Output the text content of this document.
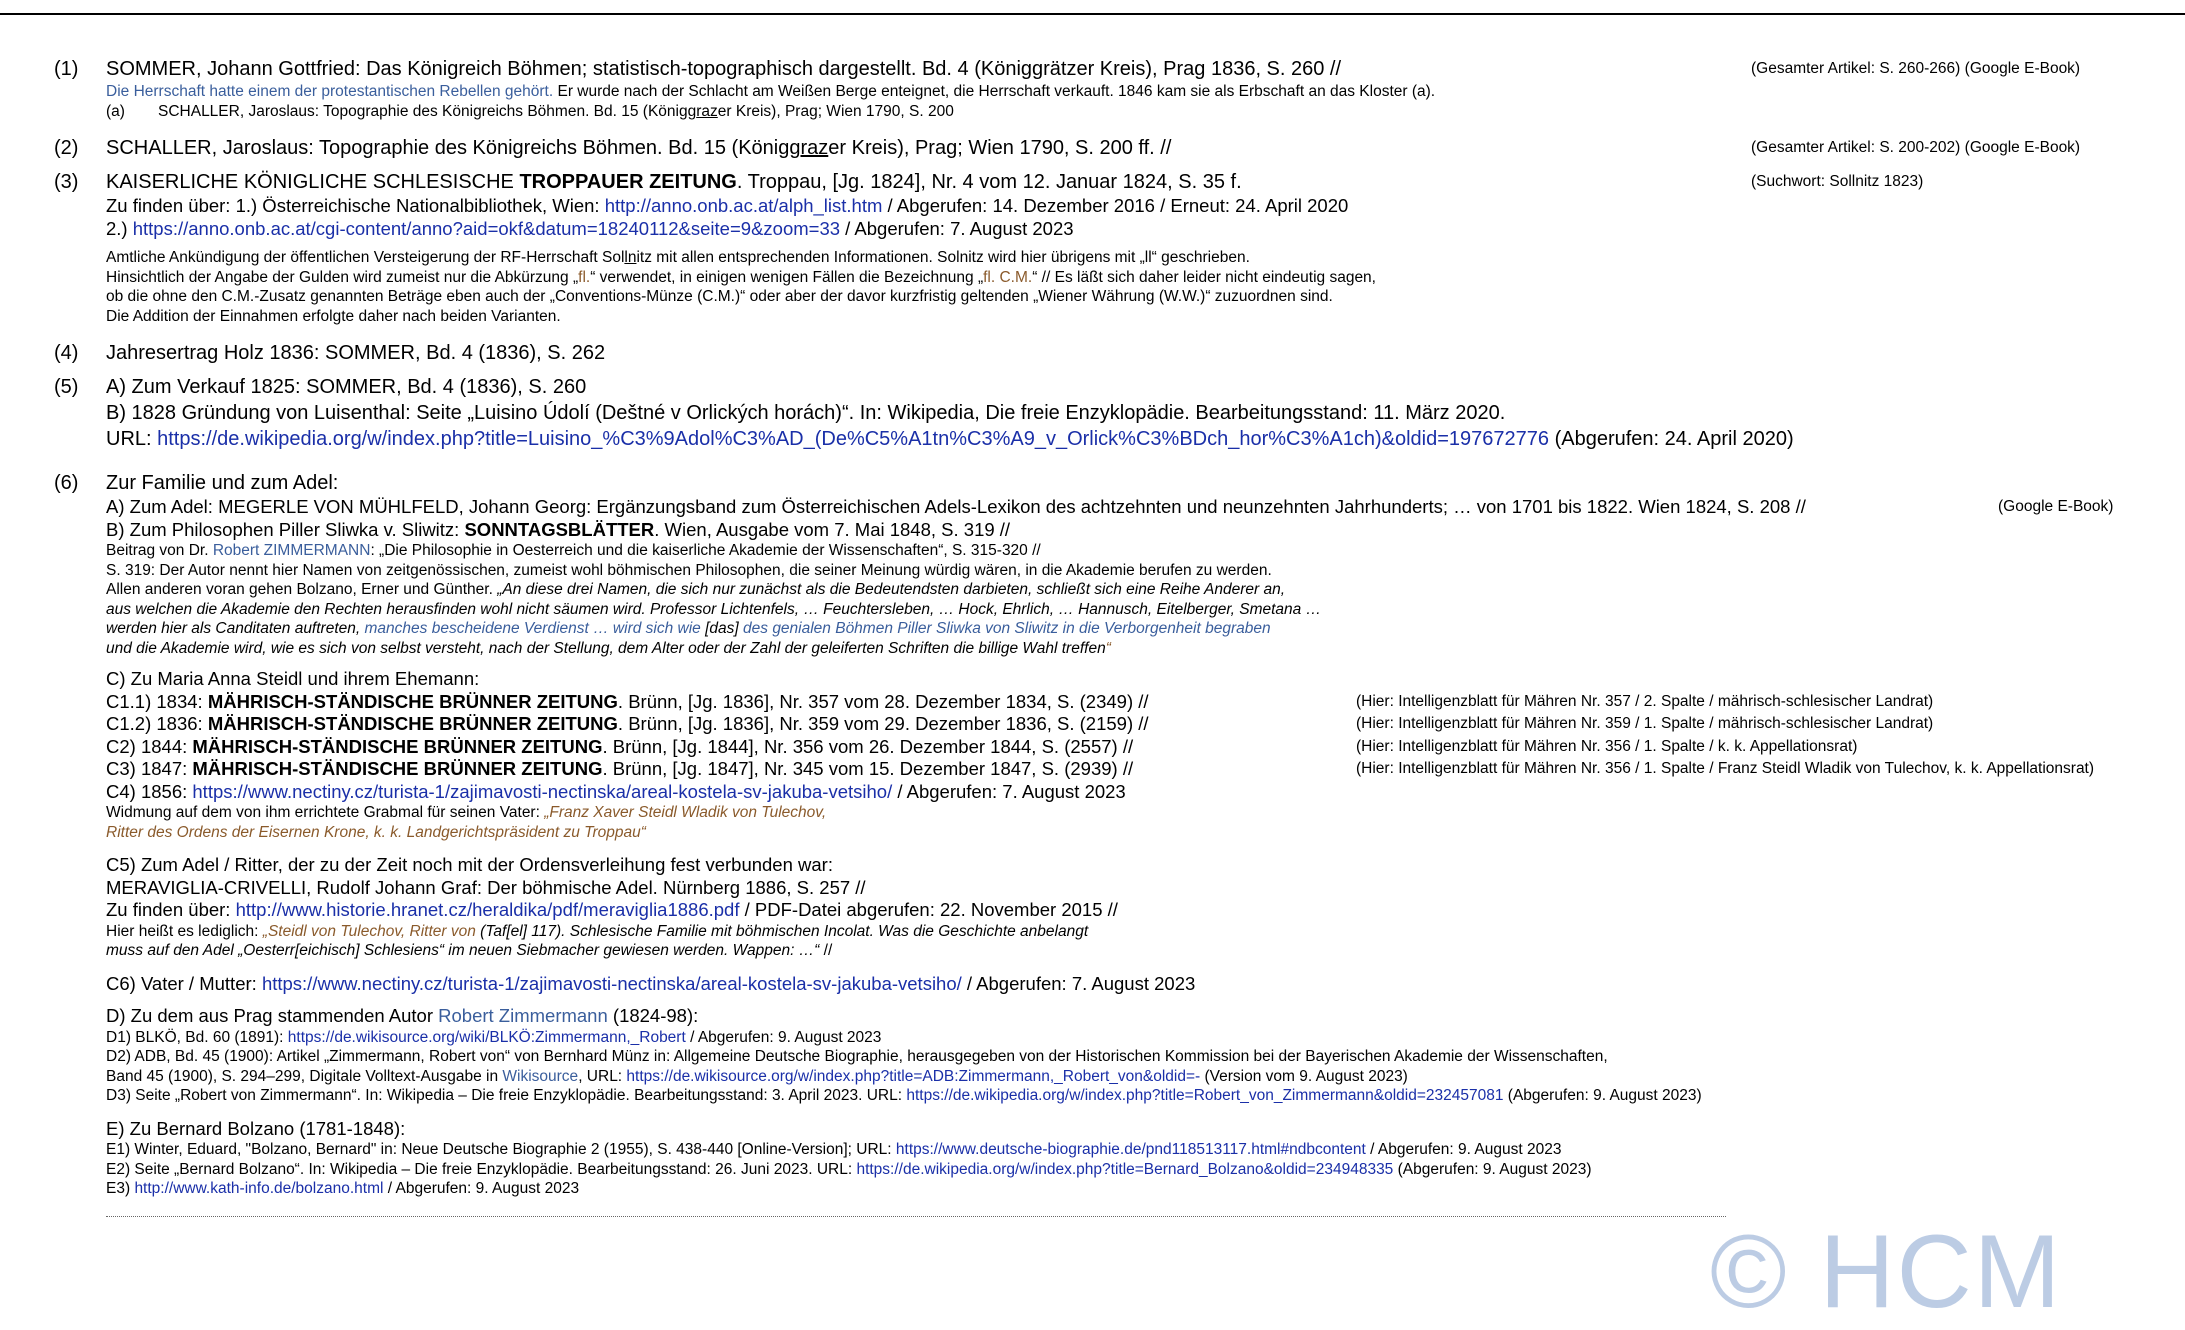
(1)	SOMMER, Johann Gottfried: Das Königreich Böhmen; statistisch-topographisch dargestellt. Bd. 4 (Königgrätzer Kreis), Prag 1836, S. 260 //	(Gesamter Artikel: S. 260-266) (Google E-Book)
Die Herrschaft hatte einem der protestantischen Rebellen gehört. Er wurde nach der Schlacht am Weißen Berge enteignet, die Herrschaft verkauft. 1846 kam sie als Erbschaft an das Kloster (a).
(a) SCHALLER, Jaroslaus: Topographie des Königreichs Böhmen. Bd. 15 (Königgrazer Kreis), Prag; Wien 1790, S. 200
(2)	SCHALLER, Jaroslaus: Topographie des Königreichs Böhmen. Bd. 15 (Königgrazer Kreis), Prag; Wien 1790, S. 200 ff. //	(Gesamter Artikel: S. 200-202) (Google E-Book)
(3)	KAISERLICHE KÖNIGLICHE SCHLESISCHE TROPPAUER ZEITUNG. Troppau, [Jg. 1824], Nr. 4 vom 12. Januar 1824, S. 35 f.	(Suchwort: Sollnitz 1823)
Zu finden über: 1.) Österreichische Nationalbibliothek, Wien: http://anno.onb.ac.at/alph_list.htm / Abgerufen: 14. Dezember 2016 / Erneut: 24. April 2020
2.) https://anno.onb.ac.at/cgi-content/anno?aid=okf&datum=18240112&seite=9&zoom=33 / Abgerufen: 7. August 2023
Amtliche Ankündigung der öffentlichen Versteigerung der RF-Herrschaft Sollnitz mit allen entsprechenden Informationen. Solnitz wird hier übrigens mit „ll“ geschrieben.
Hinsichtlich der Angabe der Gulden wird zumeist nur die Abkürzung „fl.“ verwendet, in einigen wenigen Fällen die Bezeichnung „fl. C.M.“ // Es läßt sich daher leider nicht eindeutig sagen,
ob die ohne den C.M.-Zusatz genannten Beträge eben auch der „Conventions-Münze (C.M.)“ oder aber der davor kurzfristig geltenden „Wiener Währung (W.W.)“ zuzuordnen sind.
Die Addition der Einnahmen erfolgte daher nach beiden Varianten.
(4)	Jahresertrag Holz 1836: SOMMER, Bd. 4 (1836), S. 262
(5)	A) Zum Verkauf 1825: SOMMER, Bd. 4 (1836), S. 260
B) 1828 Gründung von Luisenthal: Seite „Luisino Údolí (Deštné v Orlických horách)“. In: Wikipedia, Die freie Enzyklopädie. Bearbeitungsstand: 11. März 2020.
URL: https://de.wikipedia.org/w/index.php?title=Luisino_%C3%9Adol%C3%AD_(De%C5%A1tn%C3%A9_v_Orlick%C3%BDch_hor%C3%A1ch)&oldid=197672776 (Abgerufen: 24. April 2020)
(6)	Zur Familie und zum Adel:
A) Zum Adel: MEGERLE VON MÜHLFELD, Johann Georg: Ergänzungsband zum Österreichischen Adels-Lexikon des achtzehnten und neunzehnten Jahrhunderts; … von 1701 bis 1822. Wien 1824, S. 208 //	(Google E-Book)
B) Zum Philosophen Piller Sliwka v. Sliwitz: SONNTAGSBLÄTTER. Wien, Ausgabe vom 7. Mai 1848, S. 319 //
Beitrag von Dr. Robert ZIMMERMANN: „Die Philosophie in Oesterreich und die kaiserliche Akademie der Wissenschaften“, S. 315-320 //
S. 319: Der Autor nennt hier Namen von zeitgenössischen, zumeist wohl böhmischen Philosophen, die seiner Meinung würdig wären, in die Akademie berufen zu werden.
Allen anderen voran gehen Bolzano, Erner und Günther. „An diese drei Namen, die sich nur zunächst als die Bedeutendsten darbieten, schließt sich eine Reihe Anderer an,
aus welchen die Akademie den Rechten herausfinden wohl nicht säumen wird. Professor Lichtenfels, … Feuchtersleben, … Hock, Ehrlich, … Hannusch, Eitelberger, Smetana …
werden hier als Canditaten auftreten, manches bescheidene Verdienst … wird sich wie [das] des genialen Böhmen Piller Sliwka von Sliwitz in die Verborgenheit begraben
und die Akademie wird, wie es sich von selbst versteht, nach der Stellung, dem Alter oder der Zahl der geleiferten Schriften die billige Wahl treffen“
C) Zu Maria Anna Steidl und ihrem Ehemann:
C1.1) 1834: MÄHRISCH-STÄNDISCHE BRÜNNER ZEITUNG. Brünn, [Jg. 1836], Nr. 357 vom 28. Dezember 1834, S. (2349) //	(Hier: Intelligenzblatt für Mähren Nr. 357 / 2. Spalte / mährisch-schlesischer Landrat)
C1.2) 1836: MÄHRISCH-STÄNDISCHE BRÜNNER ZEITUNG. Brünn, [Jg. 1836], Nr. 359 vom 29. Dezember 1836, S. (2159) //	(Hier: Intelligenzblatt für Mähren Nr. 359 / 1. Spalte / mährisch-schlesischer Landrat)
C2) 1844: MÄHRISCH-STÄNDISCHE BRÜNNER ZEITUNG. Brünn, [Jg. 1844], Nr. 356 vom 26. Dezember 1844, S. (2557) //	(Hier: Intelligenzblatt für Mähren Nr. 356 / 1. Spalte / k. k. Appellationsrat)
C3) 1847: MÄHRISCH-STÄNDISCHE BRÜNNER ZEITUNG. Brünn, [Jg. 1847], Nr. 345 vom 15. Dezember 1847, S. (2939) //	(Hier: Intelligenzblatt für Mähren Nr. 356 / 1. Spalte / Franz Steidl Wladik von Tulechov, k. k. Appellationsrat)
C4) 1856: https://www.nectiny.cz/turista-1/zajimavosti-nectinska/areal-kostela-sv-jakuba-vetsiho/ / Abgerufen: 7. August 2023
Widmung auf dem von ihm errichtete Grabmal für seinen Vater: „Franz Xaver Steidl Wladik von Tulechov,
Ritter des Ordens der Eisernen Krone, k. k. Landgerichtspräsident zu Troppau“
C5) Zum Adel / Ritter, der zu der Zeit noch mit der Ordensverleihung fest verbunden war:
MERAVIGLIA-CRIVELLI, Rudolf Johann Graf: Der böhmische Adel. Nürnberg 1886, S. 257 //
Zu finden über: http://www.historie.hranet.cz/heraldika/pdf/meraviglia1886.pdf / PDF-Datei abgerufen: 22. November 2015 //
Hier heißt es lediglich: „Steidl von Tulechov, Ritter von (Taf[el] 117). Schlesische Familie mit böhmischen Incolat. Was die Geschichte anbelangt
muss auf den Adel „Oesterr[eichisch] Schlesiens“ im neuen Siebmacher gewiesen werden. Wappen: …“ //
C6) Vater / Mutter: https://www.nectiny.cz/turista-1/zajimavosti-nectinska/areal-kostela-sv-jakuba-vetsiho/ / Abgerufen: 7. August 2023
D) Zu dem aus Prag stammenden Autor Robert Zimmermann (1824-98):
D1) BLKÖ, Bd. 60 (1891): https://de.wikisource.org/wiki/BLKÖ:Zimmermann,_Robert / Abgerufen: 9. August 2023
D2) ADB, Bd. 45 (1900): Artikel „Zimmermann, Robert von“ von Bernhard Münz in: Allgemeine Deutsche Biographie, herausgegeben von der Historischen Kommission bei der Bayerischen Akademie der Wissenschaften,
Band 45 (1900), S. 294–299, Digitale Volltext-Ausgabe in Wikisource, URL: https://de.wikisource.org/w/index.php?title=ADB:Zimmermann,_Robert_von&oldid=- (Version vom 9. August 2023)
D3) Seite „Robert von Zimmermann“. In: Wikipedia – Die freie Enzyklopädie. Bearbeitungsstand: 3. April 2023. URL: https://de.wikipedia.org/w/index.php?title=Robert_von_Zimmermann&oldid=232457081 (Abgerufen: 9. August 2023)
E) Zu Bernard Bolzano (1781-1848):
E1) Winter, Eduard, "Bolzano, Bernard" in: Neue Deutsche Biographie 2 (1955), S. 438-440 [Online-Version]; URL: https://www.deutsche-biographie.de/pnd118513117.html#ndbcontent / Abgerufen: 9. August 2023
E2) Seite „Bernard Bolzano“. In: Wikipedia – Die freie Enzyklopädie. Bearbeitungsstand: 26. Juni 2023. URL: https://de.wikipedia.org/w/index.php?title=Bernard_Bolzano&oldid=234948335 (Abgerufen: 9. August 2023)
E3) http://www.kath-info.de/bolzano.html / Abgerufen: 9. August 2023
© HCM
